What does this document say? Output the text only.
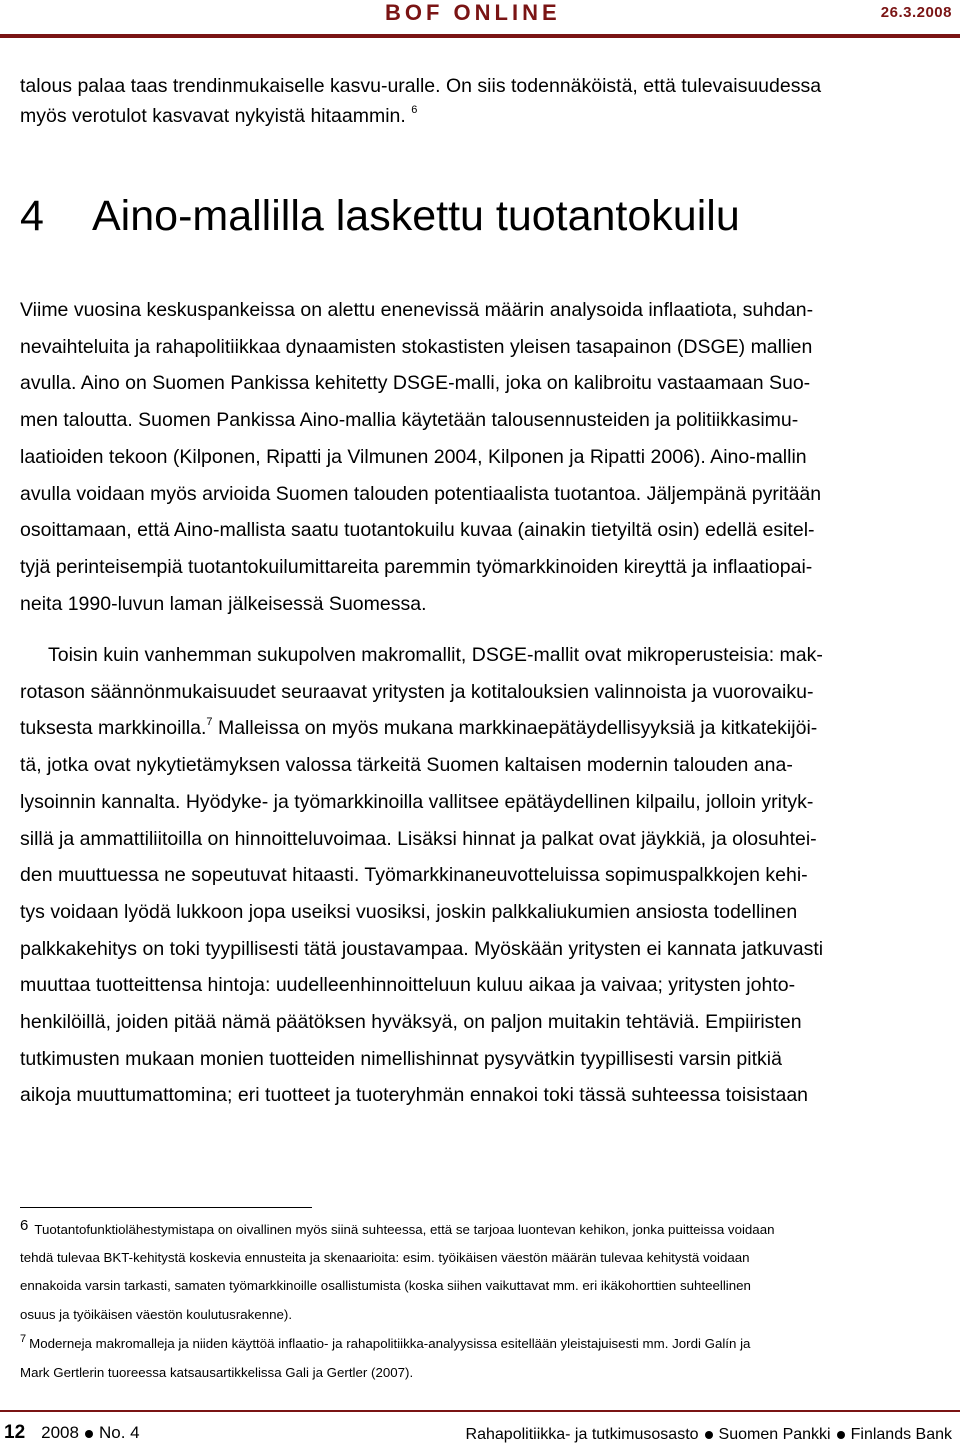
BOF ONLINE	26.3.2008
talous palaa taas trendinmukaiselle kasvu-uralle. On siis todennäköistä, että tulevaisuudessa
myös verotulot kasvavat nykyistä hitaammin. $^6$
4 Aino-mallilla laskettu tuotantokuilu
Viime vuosina keskuspankeissa on alettu enenevissä määrin analysoida inflaatiota, suhdan-
nevaihteluita ja rahapolitiikkaa dynaamisten stokastisten yleisen tasapainon (DSGE) mallien
avulla. Aino on Suomen Pankissa kehitetty DSGE-malli, joka on kalibroitu vastaamaan Suo-
men taloutta. Suomen Pankissa Aino-mallia käytetään talousennusteiden ja politiikkasimu-
laatioiden tekoon (Kilponen, Ripatti ja Vilmunen 2004, Kilponen ja Ripatti 2006). Aino-mallin
avulla voidaan myös arvioida Suomen talouden potentiaalista tuotantoa. Jäljempänä pyritään
osoittamaan, että Aino-mallista saatu tuotantokuilu kuvaa (ainakin tietyiltä osin) edellä esitel-
tyjä perinteisempiä tuotantokuilumittareita paremmin työmarkkinoiden kireyttä ja inflaatiopai-
neita 1990-luvun laman jälkeisessä Suomessa.
Toisin kuin vanhemman sukupolven makromallit, DSGE-mallit ovat mikroperusteisia: mak-
rotason säännönmukaisuudet seuraavat yritysten ja kotitalouksien valinnoista ja vuorovaiku-
tuksesta markkinoilla.$^7$ Malleissa on myös mukana markkinaepätäydellisyyksiä ja kitkatekijöi-
tä, jotka ovat nykytietämyksen valossa tärkeitä Suomen kaltaisen modernin talouden ana-
lysoinnin kannalta. Hyödyke- ja työmarkkinoilla vallitsee epätäydellinen kilpailu, jolloin yrityk-
sillä ja ammattiliitoilla on hinnoitteluvoimaa. Lisäksi hinnat ja palkat ovat jäykkiä, ja olosuhtei-
den muuttuessa ne sopeutuvat hitaasti. Työmarkkinaneuvotteluissa sopimuspalkkojen kehi-
tys voidaan lyödä lukkoon jopa useiksi vuosiksi, joskin palkkaliukumien ansiosta todellinen
palkkakehitys on toki tyypillisesti tätä joustavampaa. Myöskään yritysten ei kannata jatkuvasti
muuttaa tuotteittensa hintoja: uudelleenhinnoitteluun kuluu aikaa ja vaivaa; yritysten johto-
henkilöillä, joiden pitää nämä päätöksen hyväksyä, on paljon muitakin tehtäviä. Empiiristen
tutkimusten mukaan monien tuotteiden nimellishinnat pysyvätkin tyypillisesti varsin pitkiä
aikoja muuttumattomina; eri tuotteet ja tuoteryhmän ennakoi toki tässä suhteessa toisistaan
6 Tuotantofunktiolähestymistapa on oivallinen myös siinä suhteessa, että se tarjoaa luontevan kehikon, jonka puitteissa voidaan
tehdä tulevaa BKT-kehitystä koskevia ennusteita ja skenaarioita: esim. työikäisen väestön määrän tulevaa kehitystä voidaan
ennakoida varsin tarkasti, samaten työmarkkinoille osallistumista (koska siihen vaikuttavat mm. eri ikäkohorttien suhteellinen
osuus ja työikäisen väestön koulutusrakenne).
$^7$ Moderneja makromalleja ja niiden käyttöä inflaatio- ja rahapolitiikka-analyysissa esitellään yleistajuisesti mm. Jordi Galín ja
Mark Gertlerin tuoreessa katsausartikkelissa Gali ja Gertler (2007).
12 2008 No. 4	Rahapolitiikka- ja tutkimusosasto Suomen Pankki Finlands Bank
